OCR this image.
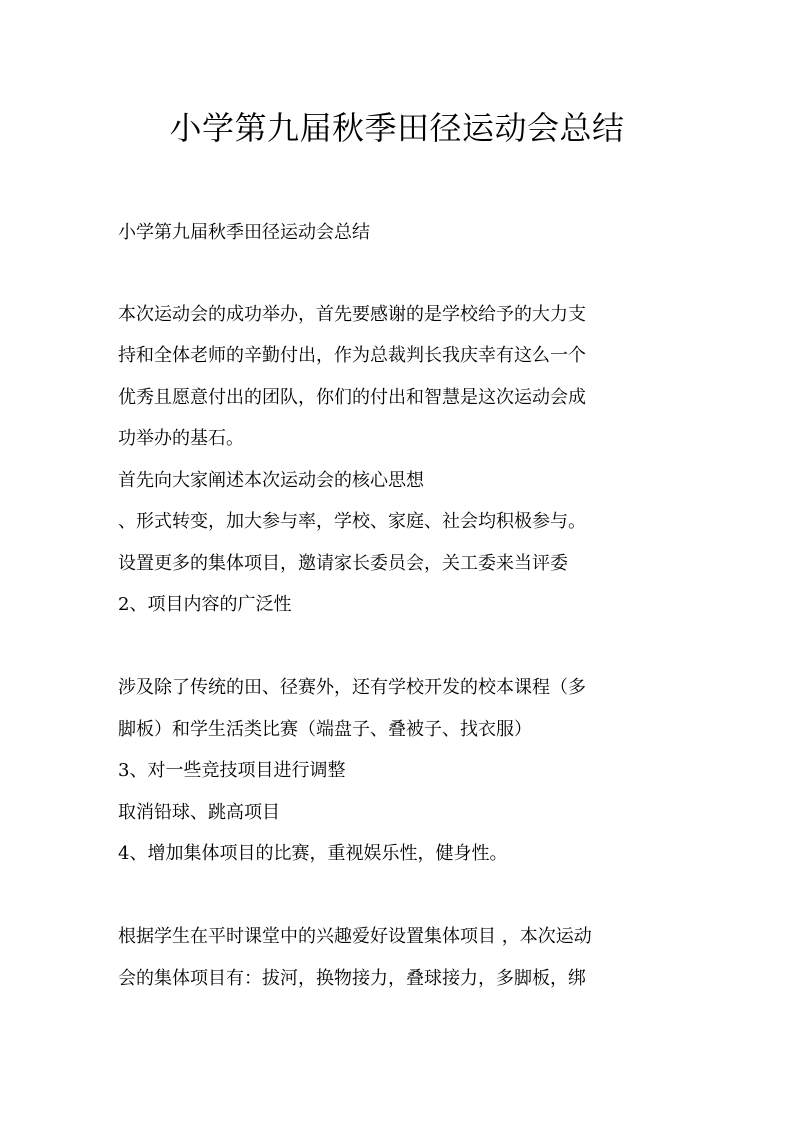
小学第九届秋季田径运动会总结

小学第九届秋季田径运动会总结

本次运动会的成功举办，首先要感谢的是学校给予的大力支

持和全体老师的辛勤付出，作为总裁判长我庆幸有这么一个

优秀且愿意付出的团队，你们的付出和智慧是这次运动会成

功举办的基石。

首先向大家阐述本次运动会的核心思想

、形式转变，加大参与率，学校、家庭、社会均积极参与。

设置更多的集体项目，邀请家长委员会，关工委来当评委

2、项目内容的广泛性

涉及除了传统的田、径赛外，还有学校开发的校本课程（多

脚板）和学生活类比赛（端盘子、叠被子、找衣服）

3、对一些竞技项目进行调整

取消铅球、跳高项目

4、增加集体项目的比赛，重视娱乐性，健身性。

根据学生在平时课堂中的兴趣爱好设置集体项目 ，本次运动

会的集体项目有：拔河，换物接力，叠球接力，多脚板，绑
